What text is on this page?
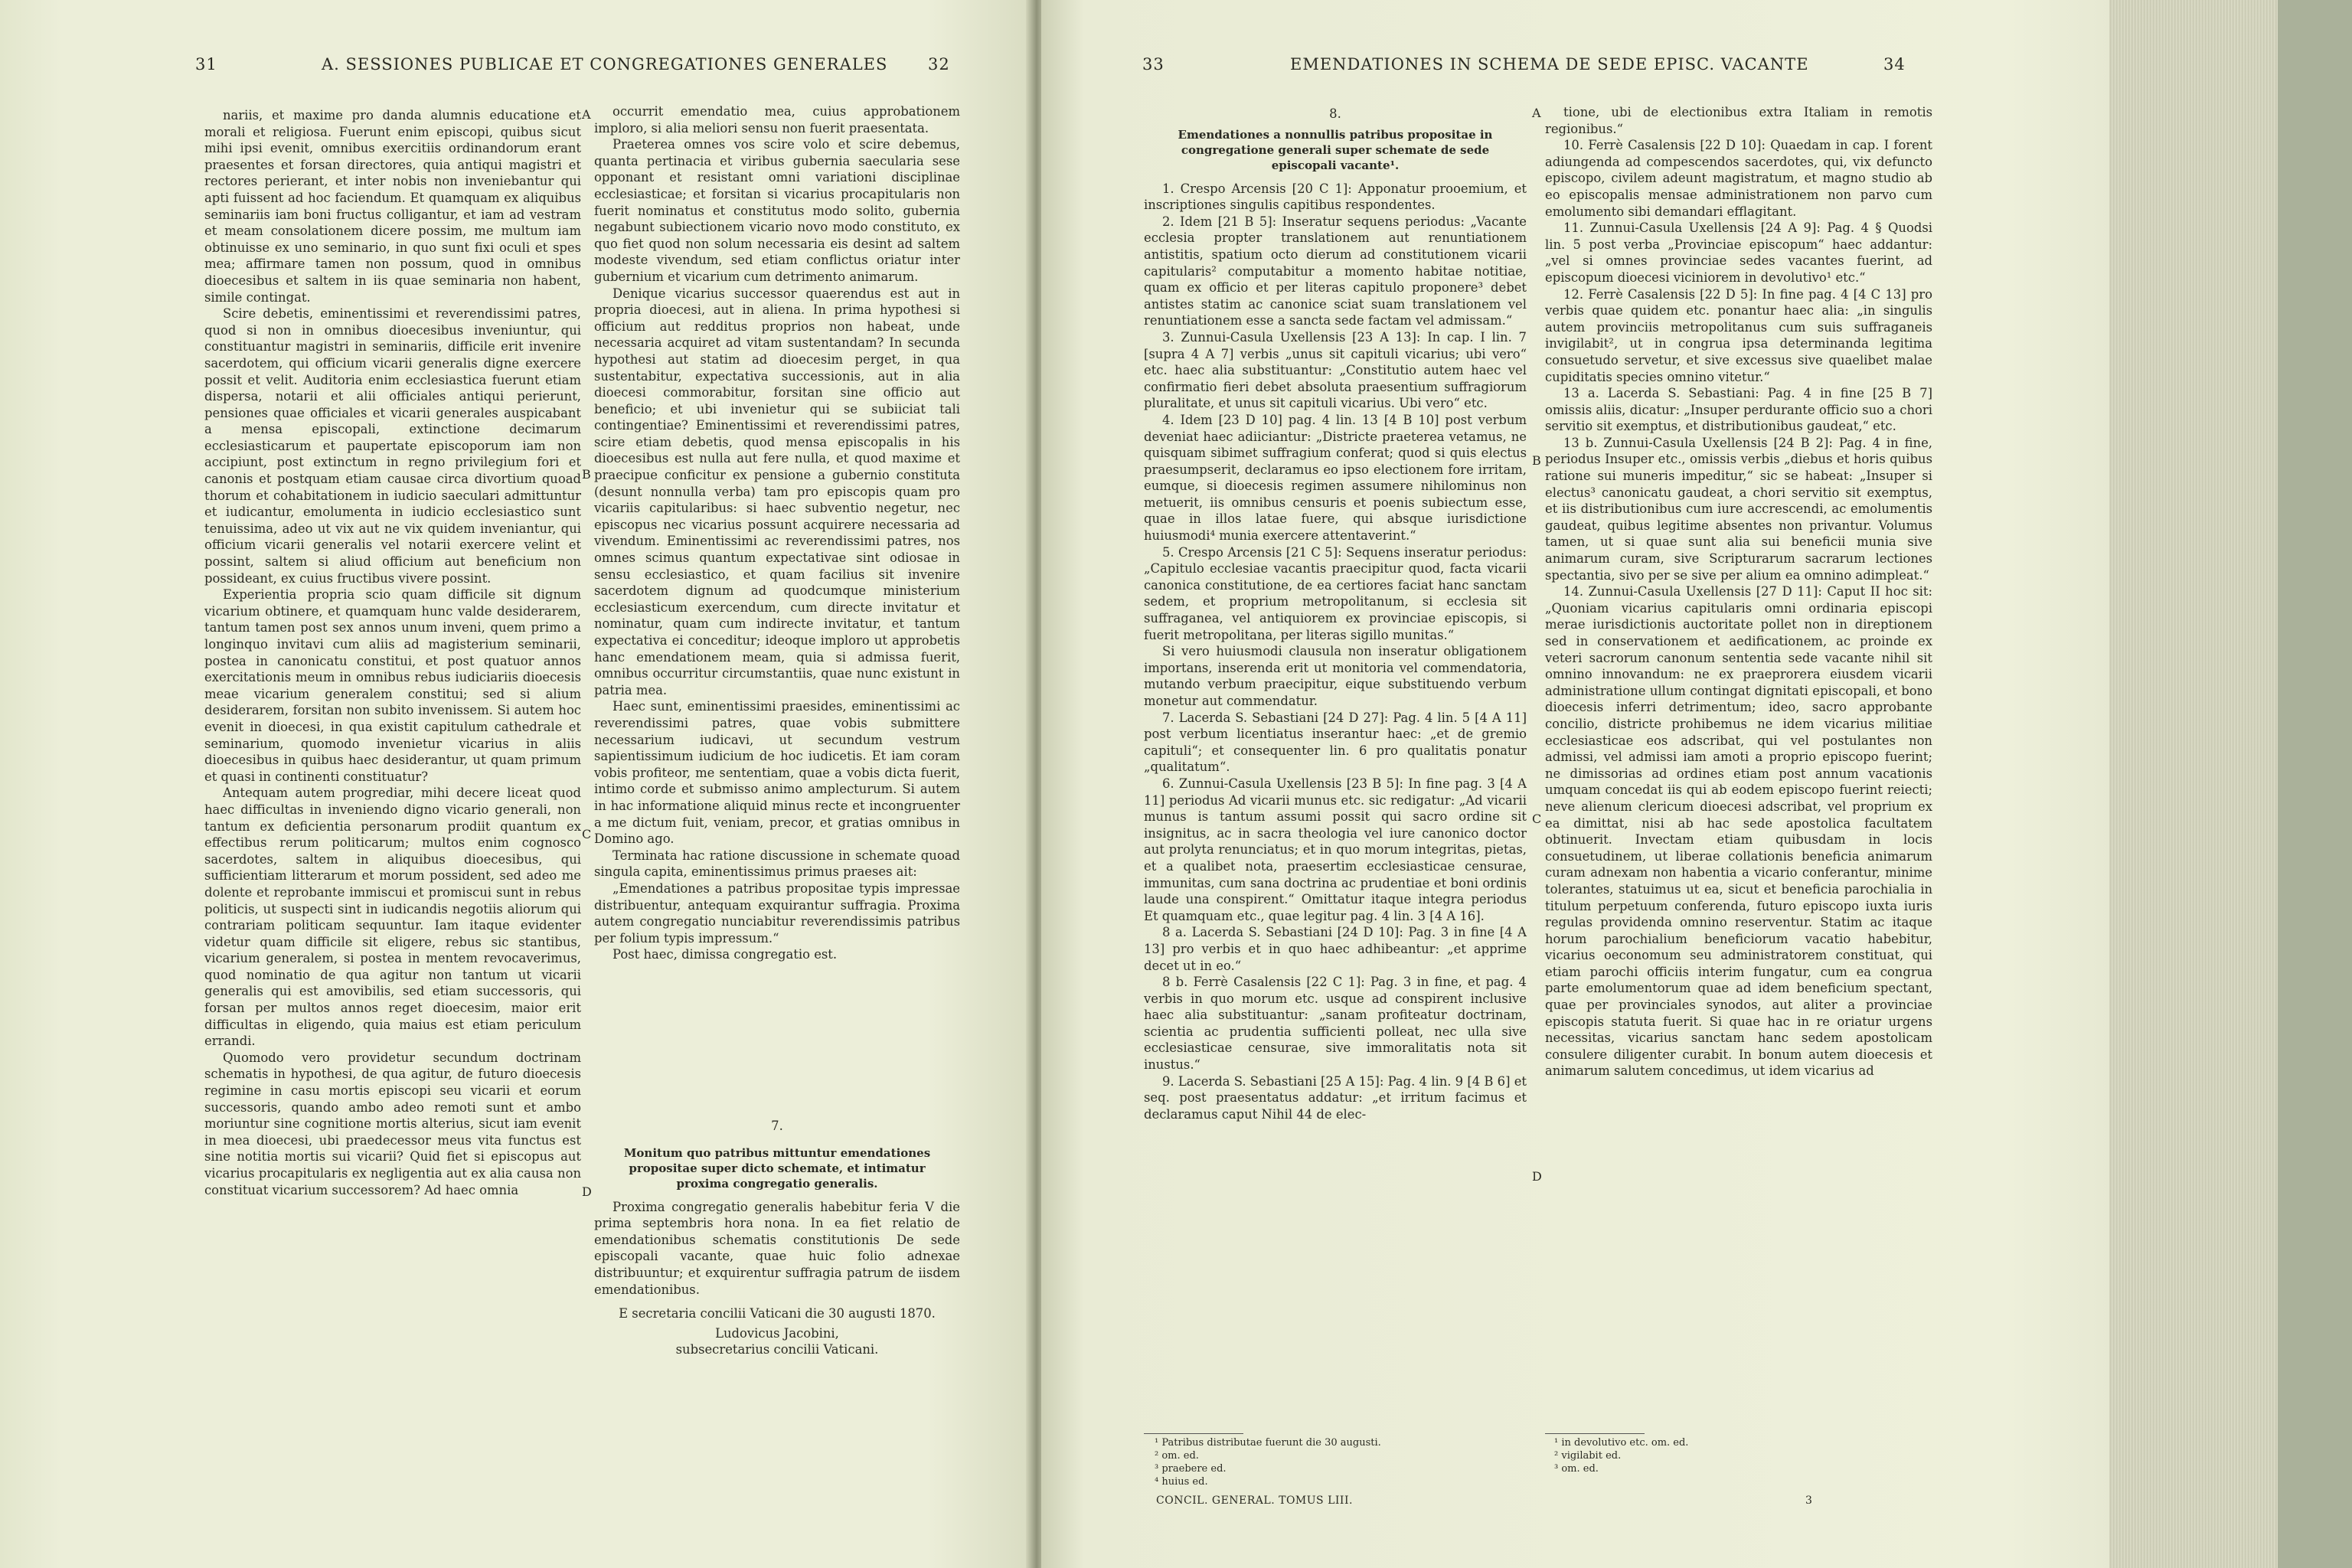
31	A. SESSIONES PUBLICAE ET CONGREGATIONES GENERALES	32

nariis, et maxime pro danda alumnis educatione et morali et religiosa. Fuerunt enim episcopi, quibus sicut mihi ipsi evenit, omnibus exercitiis ordinandorum erant praesentes et forsan directores, quia antiqui magistri et rectores perierant, et inter nobis non inveniebantur qui apti fuissent ad hoc faciendum. Et quamquam ex aliquibus seminariis iam boni fructus colligantur, et iam ad vestram et meam consolationem dicere possim, me multum iam obtinuisse ex uno seminario, in quo sunt fixi oculi et spes mea; affirmare tamen non possum, quod in omnibus dioecesibus et saltem in iis quae seminaria non habent, simile contingat.

Scire debetis, eminentissimi et reverendissimi patres, quod si non in omnibus dioecesibus inveniuntur, qui constituantur magistri in seminariis, difficile erit invenire sacerdotem, qui officium vicarii generalis digne exercere possit et velit. Auditoria enim ecclesiastica fuerunt etiam dispersa, notarii et alii officiales antiqui perierunt, pensiones quae officiales et vicarii generales auspicabant a mensa episcopali, extinctione decimarum ecclesiasticarum et paupertate episcoporum iam non accipiunt, post extinctum in regno privilegium fori et canonis et postquam etiam causae circa divortium quoad thorum et cohabitationem in iudicio saeculari admittuntur et iudicantur, emolumenta in iudicio ecclesiastico sunt tenuissima, adeo ut vix aut ne vix quidem inveniantur, qui officium vicarii generalis vel notarii exercere velint et possint, saltem si aliud officium aut beneficium non possideant, ex cuius fructibus vivere possint.

Experientia propria scio quam difficile sit dignum vicarium obtinere, et quamquam hunc valde desiderarem, tantum tamen post sex annos unum inveni, quem primo a longinquo invitavi cum aliis ad magisterium seminarii, postea in canonicatu constitui, et post quatuor annos exercitationis meum in omnibus rebus iudiciariis dioecesis meae vicarium generalem constitui; sed si alium desiderarem, forsitan non subito invenissem. Si autem hoc evenit in dioecesi, in qua existit capitulum cathedrale et seminarium, quomodo invenietur vicarius in aliis dioecesibus in quibus haec desiderantur, ut quam primum et quasi in continenti constituatur?

Antequam autem progrediar, mihi decere liceat quod haec difficultas in inveniendo digno vicario generali, non tantum ex deficientia personarum prodiit quantum ex effectibus rerum politicarum; multos enim cognosco sacerdotes, saltem in aliquibus dioecesibus, qui sufficientiam litterarum et morum possident, sed adeo me dolente et reprobante immiscui et promiscui sunt in rebus politicis, ut suspecti sint in iudicandis negotiis aliorum qui contrariam politicam sequuntur. Iam itaque evidenter videtur quam difficile sit eligere, rebus sic stantibus, vicarium generalem, si postea in mentem revocaverimus, quod nominatio de qua agitur non tantum ut vicarii generalis qui est amovibilis, sed etiam successoris, qui forsan per multos annos reget dioecesim, maior erit difficultas in eligendo, quia maius est etiam periculum errandi.

Quomodo vero providetur secundum doctrinam schematis in hypothesi, de qua agitur, de futuro dioecesis regimine in casu mortis episcopi seu vicarii et eorum successoris, quando ambo adeo remoti sunt et ambo moriuntur sine cognitione mortis alterius, sicut iam evenit in mea dioecesi, ubi praedecessor meus vita functus est sine notitia mortis sui vicarii? Quid fiet si episcopus aut vicarius procapitularis ex negligentia aut ex alia causa non constituat vicarium successorem? Ad haec omnia

occurrit emendatio mea, cuius approbationem imploro, si alia meliori sensu non fuerit praesentata.

Praeterea omnes vos scire volo et scire debemus, quanta pertinacia et viribus gubernia saecularia sese opponant et resistant omni variationi disciplinae ecclesiasticae; et forsitan si vicarius procapitularis non fuerit nominatus et constitutus modo solito, gubernia negabunt subiectionem vicario novo modo constituto, ex quo fiet quod non solum necessaria eis desint ad saltem modeste vivendum, sed etiam conflictus oriatur inter gubernium et vicarium cum detrimento animarum.

Denique vicarius successor quaerendus est aut in propria dioecesi, aut in aliena. In prima hypothesi si officium aut redditus proprios non habeat, unde necessaria acquiret ad vitam sustentandam? In secunda hypothesi aut statim ad dioecesim perget, in qua sustentabitur, expectativa successionis, aut in alia dioecesi commorabitur, forsitan sine officio aut beneficio; et ubi invenietur qui se subiiciat tali contingentiae? Eminentissimi et reverendissimi patres, scire etiam debetis, quod mensa episcopalis in his dioecesibus est nulla aut fere nulla, et quod maxime et praecipue conficitur ex pensione a gubernio constituta (desunt nonnulla verba) tam pro episcopis quam pro vicariis capitularibus: si haec subventio negetur, nec episcopus nec vicarius possunt acquirere necessaria ad vivendum. Eminentissimi ac reverendissimi patres, nos omnes scimus quantum expectativae sint odiosae in sensu ecclesiastico, et quam facilius sit invenire sacerdotem dignum ad quodcumque ministerium ecclesiasticum exercendum, cum directe invitatur et nominatur, quam cum indirecte invitatur, et tantum expectativa ei conceditur; ideoque imploro ut approbetis hanc emendationem meam, quia si admissa fuerit, omnibus occurritur circumstantiis, quae nunc existunt in patria mea.

Haec sunt, eminentissimi praesides, eminentissimi ac reverendissimi patres, quae vobis submittere necessarium iudicavi, ut secundum vestrum sapientissimum iudicium de hoc iudicetis. Et iam coram vobis profiteor, me sententiam, quae a vobis dicta fuerit, intimo corde et submisso animo amplecturum. Si autem in hac informatione aliquid minus recte et incongruenter a me dictum fuit, veniam, precor, et gratias omnibus in Domino ago.

Terminata hac ratione discussione in schemate quoad singula capita, eminentissimus primus praeses ait:

„Emendationes a patribus propositae typis impressae distribuentur, antequam exquirantur suffragia. Proxima autem congregatio nunciabitur reverendissimis patribus per folium typis impressum.“

Post haec, dimissa congregatio est.

7.

Monitum quo patribus mittuntur emendationes propositae super dicto schemate, et intimatur proxima congregatio generalis.

Proxima congregatio generalis habebitur feria V die prima septembris hora nona. In ea fiet relatio de emendationibus schematis constitutionis De sede episcopali vacante, quae huic folio adnexae distribuuntur; et exquirentur suffragia patrum de iisdem emendationibus.

E secretaria concilii Vaticani die 30 augusti 1870.

Ludovicus Jacobini,

subsecretarius concilii Vaticani.

A
B
C
D
33	EMENDATIONES IN SCHEMA DE SEDE EPISC. VACANTE	34

8.

Emendationes a nonnullis patribus propositae in congregatione generali super schemate de sede episcopali vacante¹.

1. Crespo Arcensis [20 C 1]: Apponatur prooemium, et inscriptiones singulis capitibus respondentes.

2. Idem [21 B 5]: Inseratur sequens periodus: „Vacante ecclesia propter translationem aut renuntiationem antistitis, spatium octo dierum ad constitutionem vicarii capitularis² computabitur a momento habitae notitiae, quam ex officio et per literas capitulo proponere³ debet antistes statim ac canonice sciat suam translationem vel renuntiationem esse a sancta sede factam vel admissam.“

3. Zunnui-Casula Uxellensis [23 A 13]: In cap. I lin. 7 [supra 4 A 7] verbis „unus sit capituli vicarius; ubi vero“ etc. haec alia substituantur: „Constitutio autem haec vel confirmatio fieri debet absoluta praesentium suffragiorum pluralitate, et unus sit capituli vicarius. Ubi vero“ etc.

4. Idem [23 D 10] pag. 4 lin. 13 [4 B 10] post verbum deveniat haec adiiciantur: „Districte praeterea vetamus, ne quisquam sibimet suffragium conferat; quod si quis electus praesumpserit, declaramus eo ipso electionem fore irritam, eumque, si dioecesis regimen assumere nihilominus non metuerit, iis omnibus censuris et poenis subiectum esse, quae in illos latae fuere, qui absque iurisdictione huiusmodi⁴ munia exercere attentaverint.“

5. Crespo Arcensis [21 C 5]: Sequens inseratur periodus: „Capitulo ecclesiae vacantis praecipitur quod, facta vicarii canonica constitutione, de ea certiores faciat hanc sanctam sedem, et proprium metropolitanum, si ecclesia sit suffraganea, vel antiquiorem ex provinciae episcopis, si fuerit metropolitana, per literas sigillo munitas.“

Si vero huiusmodi clausula non inseratur obligationem importans, inserenda erit ut monitoria vel commendatoria, mutando verbum praecipitur, eique substituendo verbum monetur aut commendatur.

7. Lacerda S. Sebastiani [24 D 27]: Pag. 4 lin. 5 [4 A 11] post verbum licentiatus inserantur haec: „et de gremio capituli“; et consequenter lin. 6 pro qualitatis ponatur „qualitatum“.

6. Zunnui-Casula Uxellensis [23 B 5]: In fine pag. 3 [4 A 11] periodus Ad vicarii munus etc. sic redigatur: „Ad vicarii munus is tantum assumi possit qui sacro ordine sit insignitus, ac in sacra theologia vel iure canonico doctor aut prolyta renunciatus; et in quo morum integritas, pietas, et a qualibet nota, praesertim ecclesiasticae censurae, immunitas, cum sana doctrina ac prudentiae et boni ordinis laude una conspirent.“ Omittatur itaque integra periodus Et quamquam etc., quae legitur pag. 4 lin. 3 [4 A 16].

8 a. Lacerda S. Sebastiani [24 D 10]: Pag. 3 in fine [4 A 13] pro verbis et in quo haec adhibeantur: „et apprime decet ut in eo.“

8 b. Ferrè Casalensis [22 C 1]: Pag. 3 in fine, et pag. 4 verbis in quo morum etc. usque ad conspirent inclusive haec alia substituantur: „sanam profiteatur doctrinam, scientia ac prudentia sufficienti polleat, nec ulla sive ecclesiasticae censurae, sive immoralitatis nota sit inustus.“

9. Lacerda S. Sebastiani [25 A 15]: Pag. 4 lin. 9 [4 B 6] et seq. post praesentatus addatur: „et irritum facimus et declaramus caput Nihil 44 de elec-

tione, ubi de electionibus extra Italiam in remotis regionibus.“

10. Ferrè Casalensis [22 D 10]: Quaedam in cap. I forent adiungenda ad compescendos sacerdotes, qui, vix defuncto episcopo, civilem adeunt magistratum, et magno studio ab eo episcopalis mensae administrationem non parvo cum emolumento sibi demandari efflagitant.

11. Zunnui-Casula Uxellensis [24 A 9]: Pag. 4 § Quodsi lin. 5 post verba „Provinciae episcopum“ haec addantur: „vel si omnes provinciae sedes vacantes fuerint, ad episcopum dioecesi viciniorem in devolutivo¹ etc.“

12. Ferrè Casalensis [22 D 5]: In fine pag. 4 [4 C 13] pro verbis quae quidem etc. ponantur haec alia: „in singulis autem provinciis metropolitanus cum suis suffraganeis invigilabit², ut in congrua ipsa determinanda legitima consuetudo servetur, et sive excessus sive quaelibet malae cupiditatis species omnino vitetur.“

13 a. Lacerda S. Sebastiani: Pag. 4 in fine [25 B 7] omissis aliis, dicatur: „Insuper perdurante officio suo a chori servitio sit exemptus, et distributionibus gaudeat,“ etc.

13 b. Zunnui-Casula Uxellensis [24 B 2]: Pag. 4 in fine, periodus Insuper etc., omissis verbis „diebus et horis quibus ratione sui muneris impeditur,“ sic se habeat: „Insuper si electus³ canonicatu gaudeat, a chori servitio sit exemptus, et iis distributionibus cum iure accrescendi, ac emolumentis gaudeat, quibus legitime absentes non privantur. Volumus tamen, ut si quae sunt alia sui beneficii munia sive animarum curam, sive Scripturarum sacrarum lectiones spectantia, sivo per se sive per alium ea omnino adimpleat.“

14. Zunnui-Casula Uxellensis [27 D 11]: Caput II hoc sit: „Quoniam vicarius capitularis omni ordinaria episcopi merae iurisdictionis auctoritate pollet non in direptionem sed in conservationem et aedificationem, ac proinde ex veteri sacrorum canonum sententia sede vacante nihil sit omnino innovandum: ne ex praeprorera eiusdem vicarii administratione ullum contingat dignitati episcopali, et bono dioecesis inferri detrimentum; ideo, sacro approbante concilio, districte prohibemus ne idem vicarius militiae ecclesiasticae eos adscribat, qui vel postulantes non admissi, vel admissi iam amoti a proprio episcopo fuerint; ne dimissorias ad ordines etiam post annum vacationis umquam concedat iis qui ab eodem episcopo fuerint reiecti; neve alienum clericum dioecesi adscribat, vel proprium ex ea dimittat, nisi ab hac sede apostolica facultatem obtinuerit. Invectam etiam quibusdam in locis consuetudinem, ut liberae collationis beneficia animarum curam adnexam non habentia a vicario conferantur, minime tolerantes, statuimus ut ea, sicut et beneficia parochialia in titulum perpetuum conferenda, futuro episcopo iuxta iuris regulas providenda omnino reserventur. Statim ac itaque horum parochialium beneficiorum vacatio habebitur, vicarius oeconomum seu administratorem constituat, qui etiam parochi officiis interim fungatur, cum ea congrua parte emolumentorum quae ad idem beneficium spectant, quae per provinciales synodos, aut aliter a provinciae episcopis statuta fuerit. Si quae hac in re oriatur urgens necessitas, vicarius sanctam hanc sedem apostolicam consulere diligenter curabit. In bonum autem dioecesis et animarum salutem concedimus, ut idem vicarius ad

¹ Patribus distributae fuerunt die 30 augusti.
² om. ed.
³ praebere ed.
⁴ huius ed.
¹ in devolutivo etc. om. ed.
² vigilabit ed.
³ om. ed.
CONCIL. GENERAL. TOMUS LIII.	3
A
B
C
D
